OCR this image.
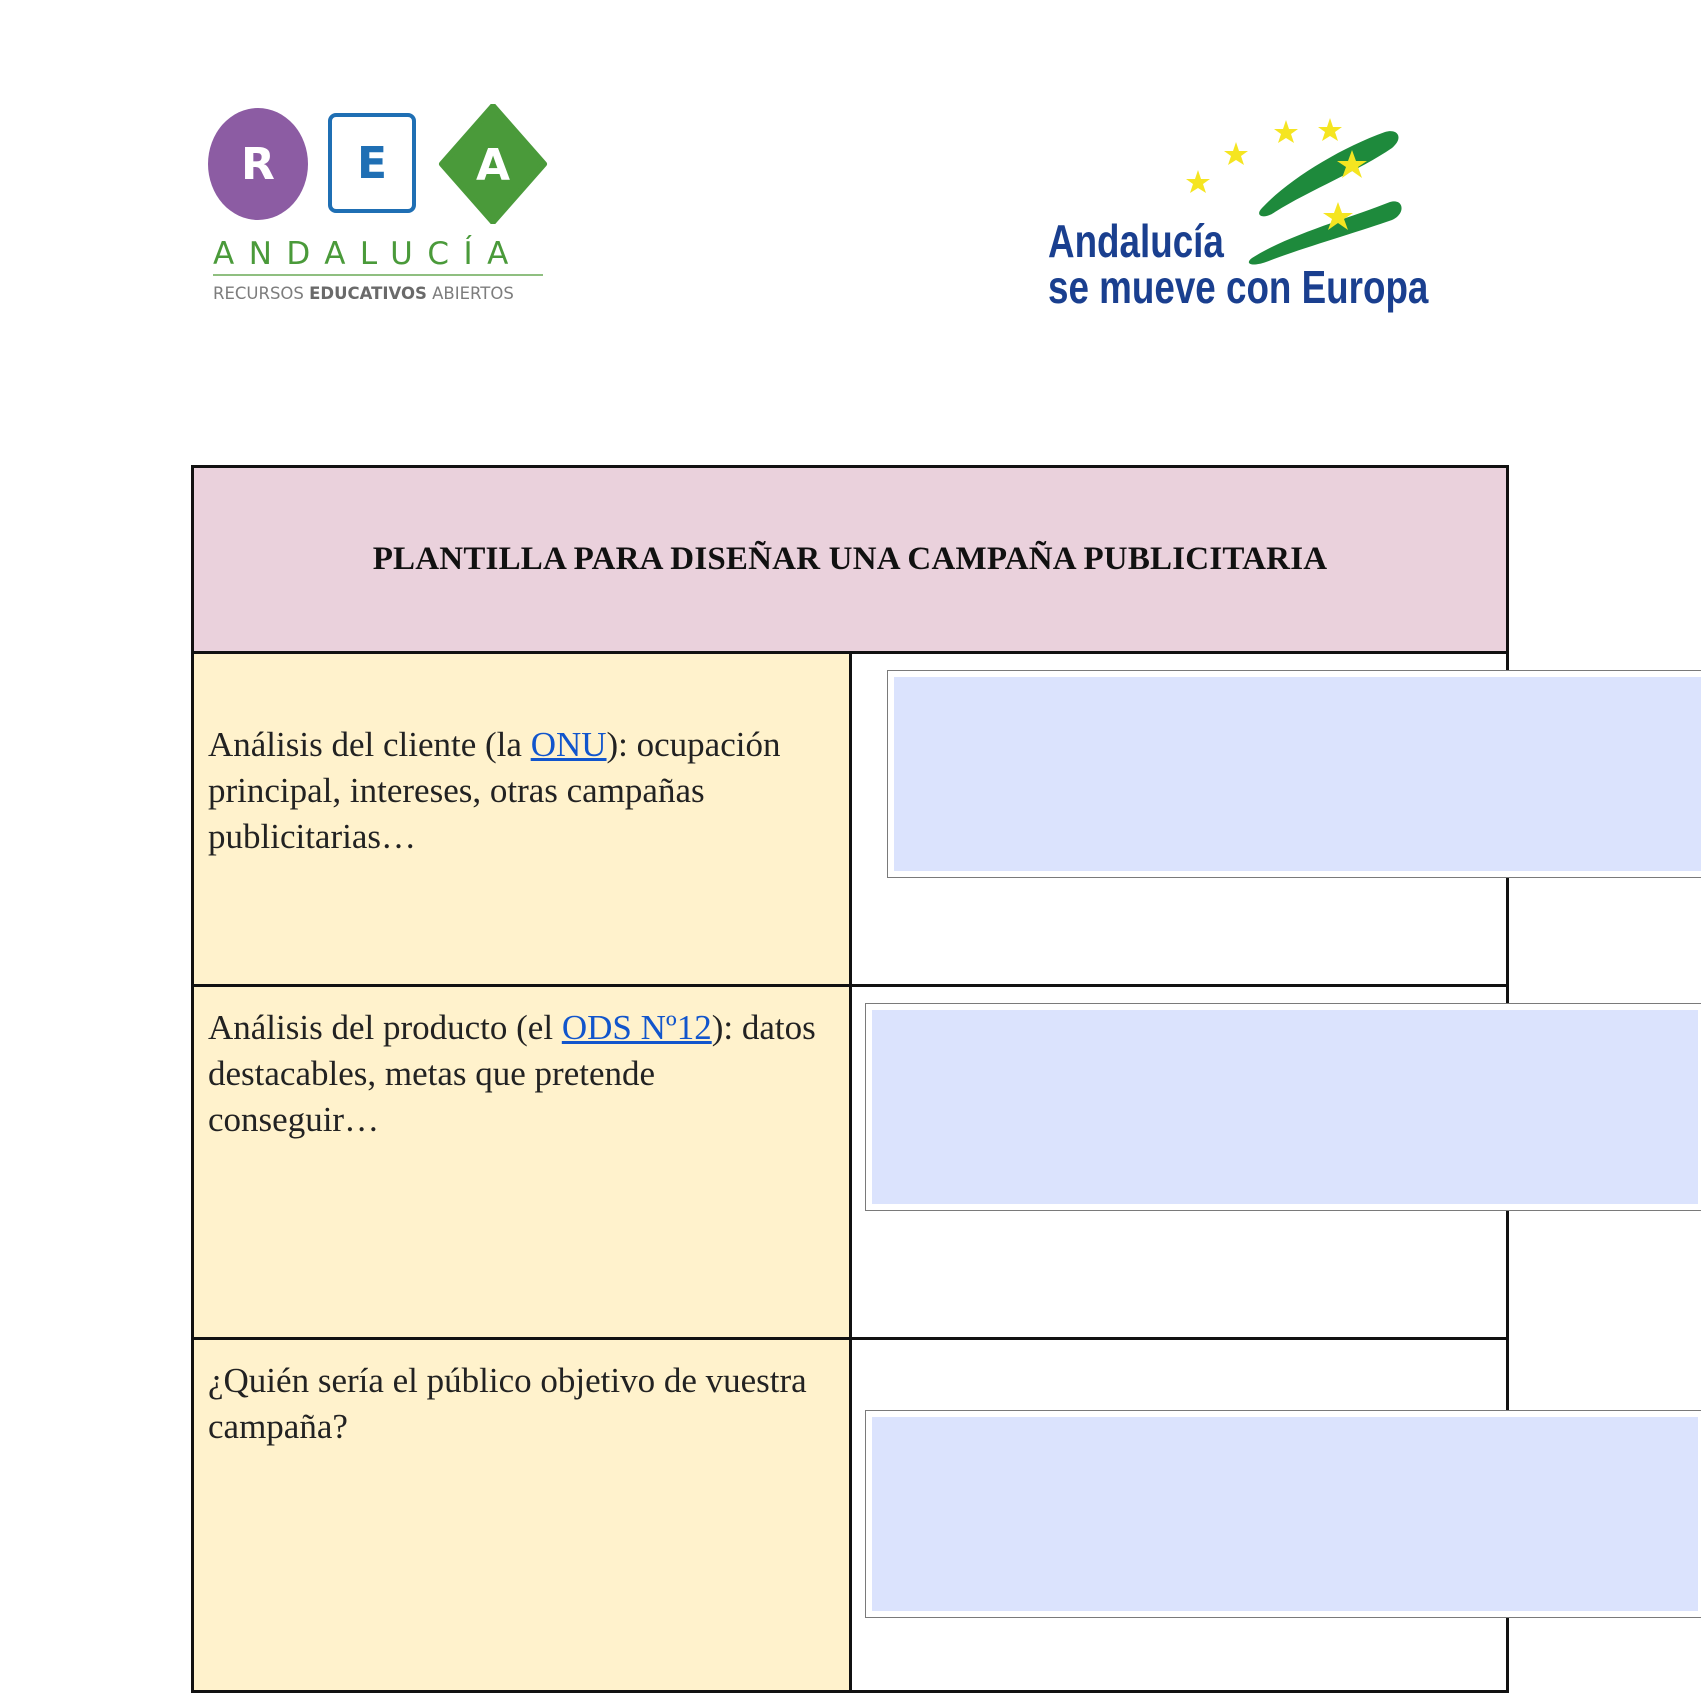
R	E	A
ANDALUCÍA
RECURSOS EDUCATIVOS ABIERTOS
Andalucía
se mueve con Europa
PLANTILLA PARA DISEÑAR UNA CAMPAÑA PUBLICITARIA	

Análisis del cliente (la ONU): ocupación principal, intereses, otras campañas publicitarias…

Análisis del producto (el ODS Nº12): datos destacables, metas que pretende conseguir…

¿Quién sería el público objetivo de vuestra campaña?
